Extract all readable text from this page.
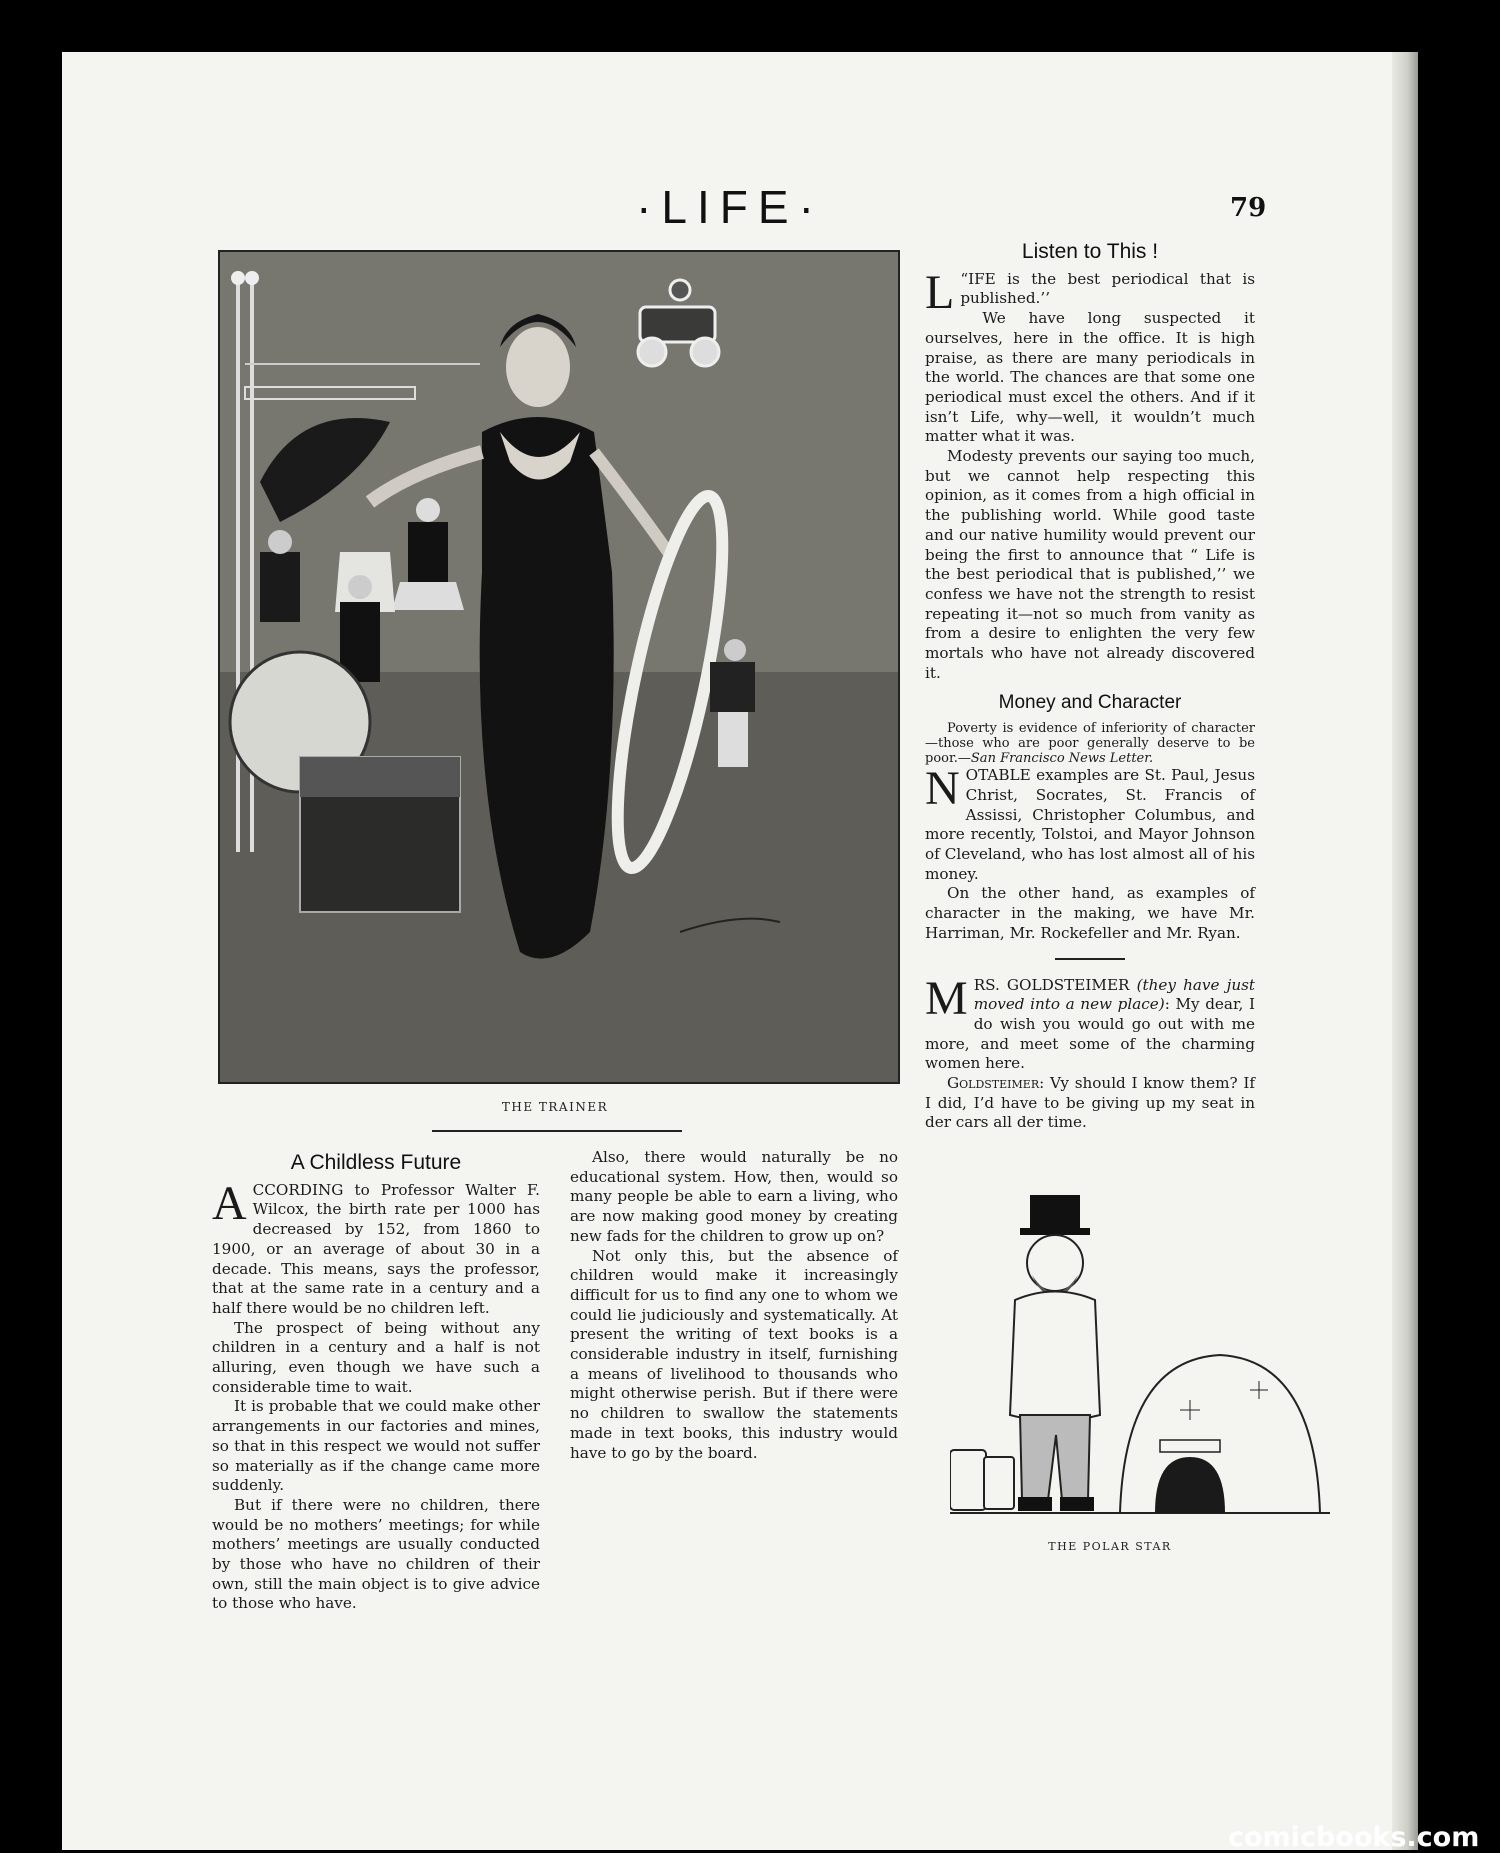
·LIFE·	79
THE TRAINER
Listen to This !

“
L IFE is the best periodical that is published.’’

We have long suspected it ourselves, here in the office. It is high praise, as there are many periodicals in the world. The chances are that some one periodical must excel the others. And if it isn’t Life, why—well, it wouldn’t much matter what it was.

Modesty prevents our saying too much, but we cannot help respecting this opinion, as it comes from a high official in the publishing world. While good taste and our native humility would prevent our being the first to announce that “ Life is the best periodical that is published,’’ we confess we have not the strength to resist repeating it—not so much from vanity as from a desire to enlighten the very few mortals who have not already discovered it.

Money and Character

Poverty is evidence of inferiority of character—those who are poor generally deserve to be poor.—San Francisco News Letter.

NOTABLE examples are St. Paul, Jesus Christ, Socrates, St. Francis of Assissi, Christopher Columbus, and more recently, Tolstoi, and Mayor Johnson of Cleveland, who has lost almost all of his money.

On the other hand, as examples of character in the making, we have Mr. Harriman, Mr. Rockefeller and Mr. Ryan.

MRS. GOLDSTEIMER (they have just moved into a new place): My dear, I do wish you would go out with me more, and meet some of the charming women here.

Goldsteimer: Vy should I know them? If I did, I’d have to be giving up my seat in der cars all der time.

THE POLAR STAR
A Childless Future

ACCORDING to Professor Walter F. Wilcox, the birth rate per 1000 has decreased by 152, from 1860 to 1900, or an average of about 30 in a decade. This means, says the professor, that at the same rate in a century and a half there would be no children left.

The prospect of being without any children in a century and a half is not alluring, even though we have such a considerable time to wait.

It is probable that we could make other arrangements in our factories and mines, so that in this respect we would not suffer so materially as if the change came more suddenly.

But if there were no children, there would be no mothers’ meetings; for while mothers’ meetings are usually conducted by those who have no children of their own, still the main object is to give advice to those who have.

Also, there would naturally be no educational system. How, then, would so many people be able to earn a living, who are now making good money by creating new fads for the children to grow up on?

Not only this, but the absence of children would make it increasingly difficult for us to find any one to whom we could lie judiciously and systematically. At present the writing of text books is a considerable industry in itself, furnishing a means of livelihood to thousands who might otherwise perish. But if there were no children to swallow the statements made in text books, this industry would have to go by the board.

comicbooks.com
